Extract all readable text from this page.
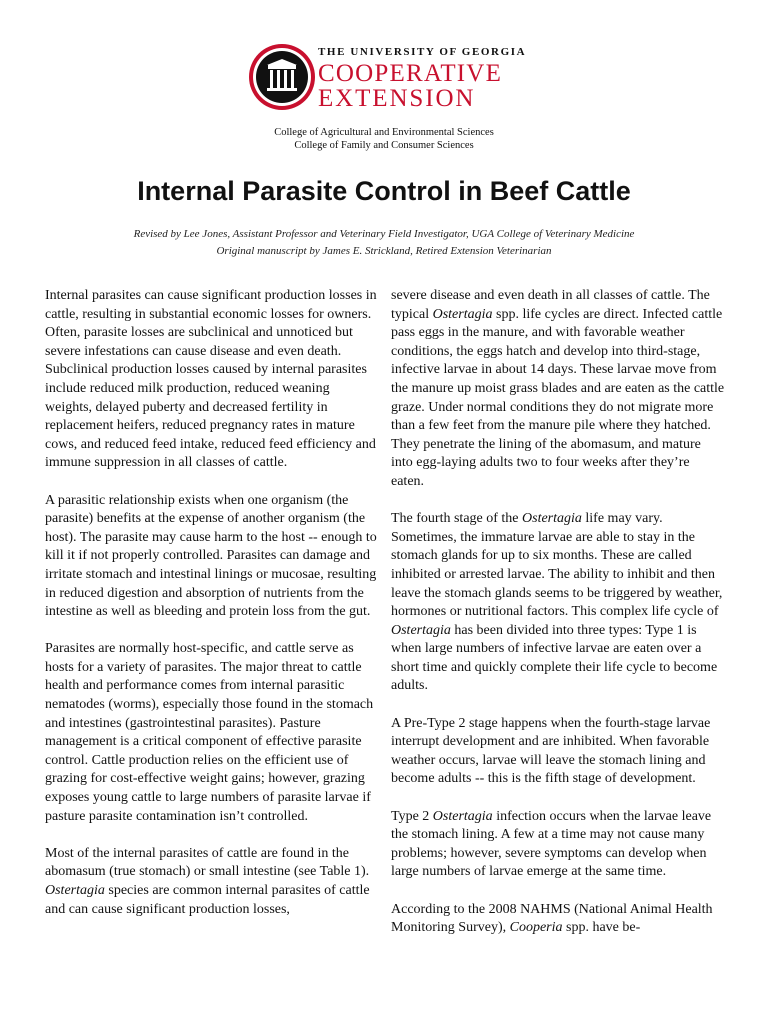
THE UNIVERSITY OF GEORGIA
COOPERATIVE
EXTENSION
College of Agricultural and Environmental Sciences
College of Family and Consumer Sciences
Internal Parasite Control in Beef Cattle
Revised by Lee Jones, Assistant Professor and Veterinary Field Investigator, UGA College of Veterinary Medicine
Original manuscript by James E. Strickland, Retired Extension Veterinarian

Internal parasites can cause significant production losses in cattle, resulting in substantial economic losses for owners. Often, parasite losses are subclinical and unnoticed but severe infestations can cause disease and even death. Subclinical production losses caused by internal parasites include reduced milk production, reduced weaning weights, delayed puberty and decreased fertility in replacement heifers, reduced pregnancy rates in mature cows, and reduced feed intake, reduced feed efficiency and immune suppression in all classes of cattle.

A parasitic relationship exists when one organism (the parasite) benefits at the expense of another organism (the host). The parasite may cause harm to the host -- enough to kill it if not properly controlled. Parasites can damage and irritate stomach and intestinal linings or mucosae, resulting in reduced digestion and absorption of nutrients from the intestine as well as bleeding and protein loss from the gut.

Parasites are normally host-specific, and cattle serve as hosts for a variety of parasites. The major threat to cattle health and performance comes from internal parasitic nematodes (worms), especially those found in the stomach and intestines (gastrointestinal parasites). Pasture management is a critical component of effective parasite control. Cattle production relies on the efficient use of grazing for cost-effective weight gains; however, grazing exposes young cattle to large numbers of parasite larvae if pasture parasite contamination isn’t controlled.

Most of the internal parasites of cattle are found in the abomasum (true stomach) or small intestine (see Table 1). Ostertagia species are common internal parasites of cattle and can cause significant production losses,

severe disease and even death in all classes of cattle. The typical Ostertagia spp. life cycles are direct. Infected cattle pass eggs in the manure, and with favorable weather conditions, the eggs hatch and develop into third-stage, infective larvae in about 14 days. These larvae move from the manure up moist grass blades and are eaten as the cattle graze. Under normal conditions they do not migrate more than a few feet from the manure pile where they hatched. They penetrate the lining of the abomasum, and mature into egg-laying adults two to four weeks after they’re eaten.

The fourth stage of the Ostertagia life may vary. Sometimes, the immature larvae are able to stay in the stomach glands for up to six months. These are called inhibited or arrested larvae. The ability to inhibit and then leave the stomach glands seems to be triggered by weather, hormones or nutritional factors. This complex life cycle of Ostertagia has been divided into three types: Type 1 is when large numbers of infective larvae are eaten over a short time and quickly complete their life cycle to become adults.

A Pre-Type 2 stage happens when the fourth-stage larvae interrupt development and are inhibited. When favorable weather occurs, larvae will leave the stomach lining and become adults -- this is the fifth stage of development.

Type 2 Ostertagia infection occurs when the larvae leave the stomach lining. A few at a time may not cause many problems; however, severe symptoms can develop when large numbers of larvae emerge at the same time.

According to the 2008 NAHMS (National Animal Health Monitoring Survey), Cooperia spp. have be-
